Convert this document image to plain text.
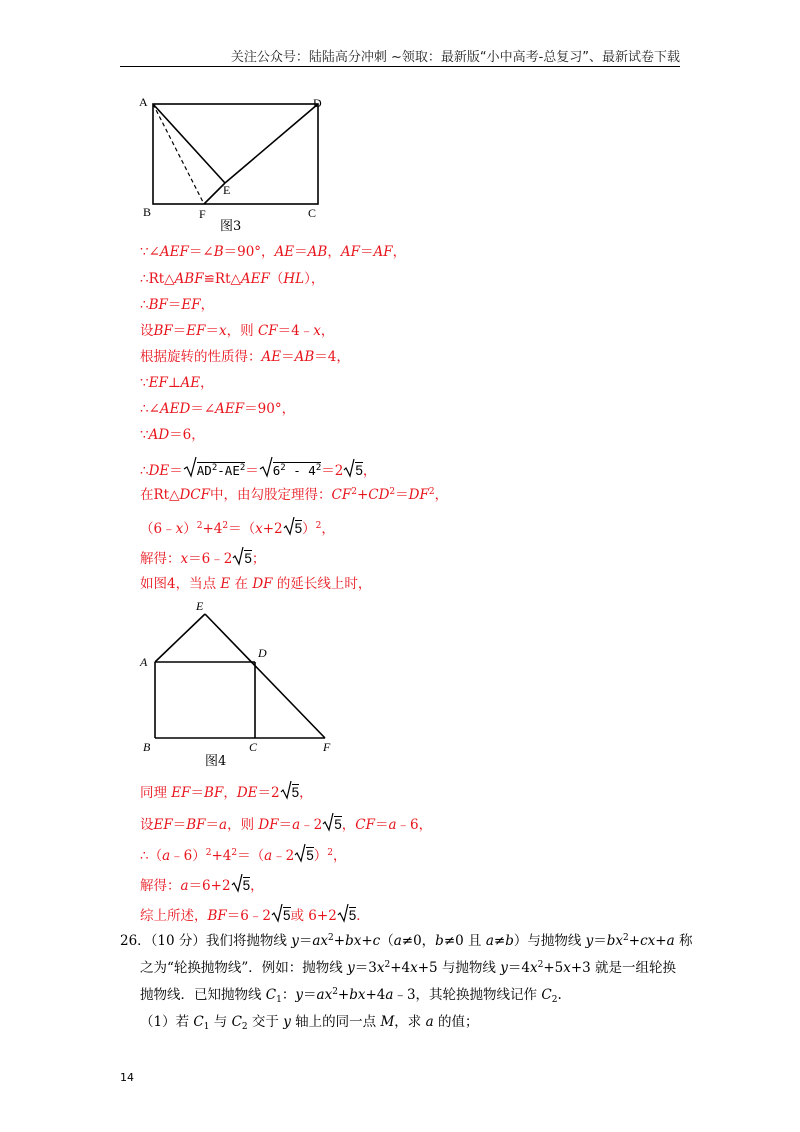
关注公众号：陆陆高分冲刺 ~领取：最新版“小中高考-总复习”、最新试卷下载
A	D
E
B	F	C
图3
∵∠AEF＝∠B＝90°，AE＝AB，AF＝AF，
∴Rt△ABF≌Rt△AEF（HL），
∴BF＝EF，
设BF＝EF＝x，则 CF＝4﹣x，
根据旋转的性质得：AE＝AB＝4，
∵EF⊥AE，
∴∠AED＝∠AEF＝90°，
∵AD＝6，
∴DE＝ $AD^2-AE^2= 6^2 - 4^2=2$ 5，
在Rt△DCF中，由勾股定理得：$CF^2+CD^2=DF^2$，
$(6﹣x)^2+4^2=(x+2$ 5）$^2$，
解得：x＝6﹣2 5；
如图4，当点 E 在 DF 的延长线上时，
E
A
D
B	C	F
图4
同理 EF＝BF，DE＝2 5，
设EF＝BF＝a，则 DF＝a﹣2 5，CF＝a﹣6，
$\therefore(a﹣6)^2+4^2=(a﹣2$ 5）$^2$，
解得：a＝6+2 5，
综上所述，BF＝6﹣2 5或 6+2 5．
26．（10 分）我们将抛物线 $y=ax^2+bx+c(a\ne 0$，b≠0 且 a≠b）与抛物线 $y=bx^2+cx+a$ 称
之为“轮换抛物线”．例如：抛物线 $y=3x^2+4x+5$ 与抛物线 $y=4x^2+5x+3$ 就是一组轮换
抛物线．已知抛物线 $C_1$：$y=ax^2+bx+4a﹣3$，其轮换抛物线记作 $C_2$.
（1）若 $C_1$ 与 $C_2$ 交于 y 轴上的同一点 M，求 a 的值；
14
